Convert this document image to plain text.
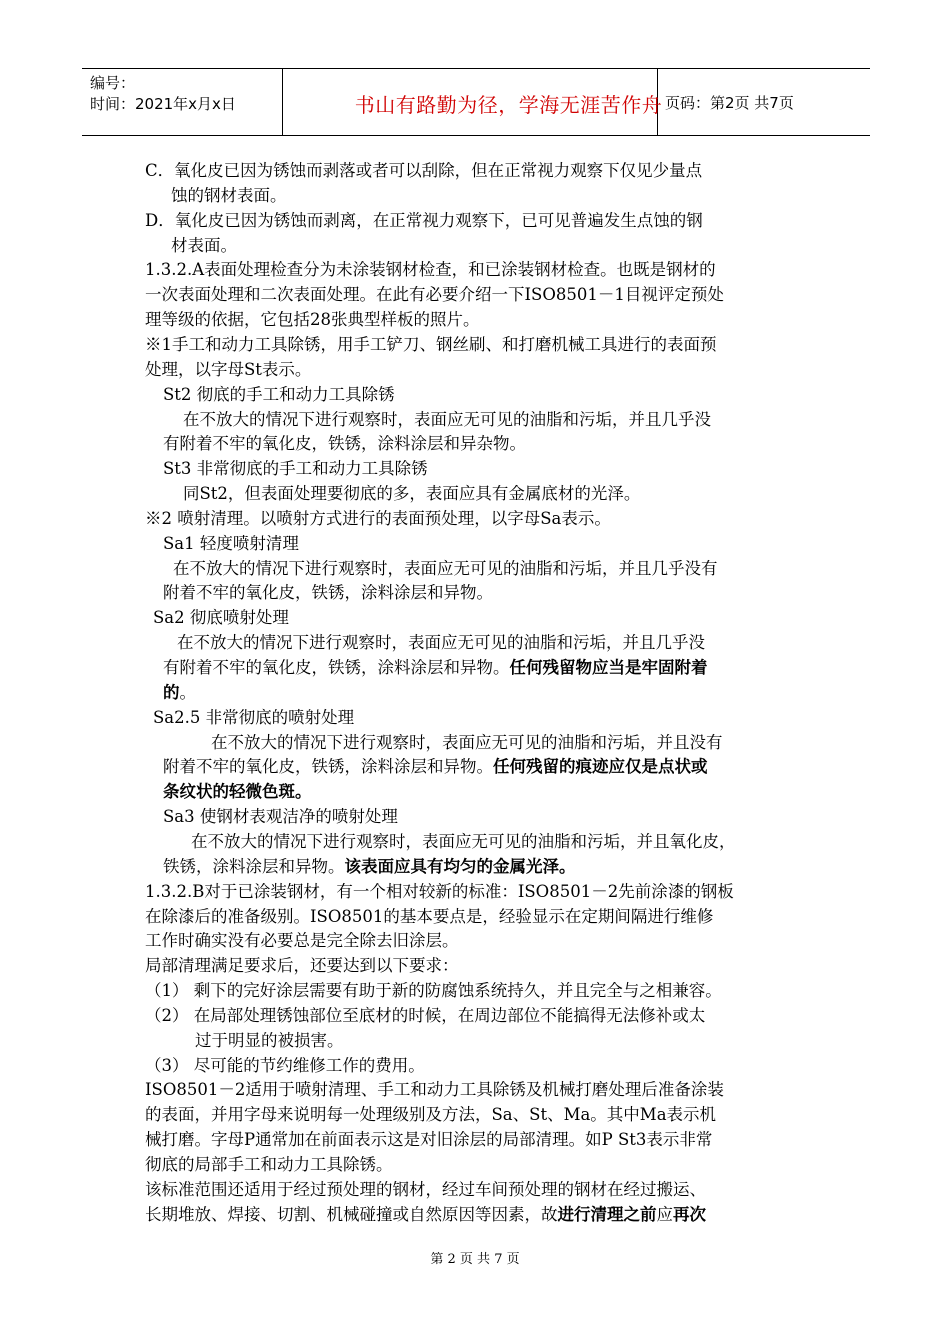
编号：
时间：2021年x月x日	书山有路勤为径，学海无涯苦作舟 页码：第2页 共7页
C．氧化皮已因为锈蚀而剥落或者可以刮除，但在正常视力观察下仅见少量点
蚀的钢材表面。
D．氧化皮已因为锈蚀而剥离，在正常视力观察下，已可见普遍发生点蚀的钢
材表面。
1.3.2.A表面处理检查分为未涂装钢材检查，和已涂装钢材检查。也既是钢材的
一次表面处理和二次表面处理。在此有必要介绍一下ISO8501－1目视评定预处
理等级的依据，它包括28张典型样板的照片。
※1手工和动力工具除锈，用手工铲刀、钢丝刷、和打磨机械工具进行的表面预
处理，以字母St表示。
St2 彻底的手工和动力工具除锈
在不放大的情况下进行观察时，表面应无可见的油脂和污垢，并且几乎没
有附着不牢的氧化皮，铁锈，涂料涂层和异杂物。
St3 非常彻底的手工和动力工具除锈
同St2，但表面处理要彻底的多，表面应具有金属底材的光泽。
※2 喷射清理。以喷射方式进行的表面预处理，以字母Sa表示。
Sa1 轻度喷射清理
在不放大的情况下进行观察时，表面应无可见的油脂和污垢，并且几乎没有
附着不牢的氧化皮，铁锈，涂料涂层和异物。
Sa2 彻底喷射处理
在不放大的情况下进行观察时，表面应无可见的油脂和污垢，并且几乎没
有附着不牢的氧化皮，铁锈，涂料涂层和异物。任何残留物应当是牢固附着
的。
Sa2.5 非常彻底的喷射处理
在不放大的情况下进行观察时，表面应无可见的油脂和污垢，并且没有
附着不牢的氧化皮，铁锈，涂料涂层和异物。任何残留的痕迹应仅是点状或
条纹状的轻微色斑。
Sa3 使钢材表观洁净的喷射处理
在不放大的情况下进行观察时，表面应无可见的油脂和污垢，并且氧化皮，
铁锈，涂料涂层和异物。该表面应具有均匀的金属光泽。
1.3.2.B对于已涂装钢材，有一个相对较新的标准：ISO8501－2先前涂漆的钢板
在除漆后的准备级别。ISO8501的基本要点是，经验显示在定期间隔进行维修
工作时确实没有必要总是完全除去旧涂层。
局部清理满足要求后，还要达到以下要求：
（1） 剩下的完好涂层需要有助于新的防腐蚀系统持久，并且完全与之相兼容。
（2） 在局部处理锈蚀部位至底材的时候，在周边部位不能搞得无法修补或太
过于明显的被损害。
（3） 尽可能的节约维修工作的费用。
ISO8501－2适用于喷射清理、手工和动力工具除锈及机械打磨处理后准备涂装
的表面，并用字母来说明每一处理级别及方法，Sa、St、Ma。其中Ma表示机
械打磨。字母P通常加在前面表示这是对旧涂层的局部清理。如P St3表示非常
彻底的局部手工和动力工具除锈。
该标准范围还适用于经过预处理的钢材，经过车间预处理的钢材在经过搬运、
长期堆放、焊接、切割、机械碰撞或自然原因等因素，故进行清理之前应再次
第 2 页 共 7 页
